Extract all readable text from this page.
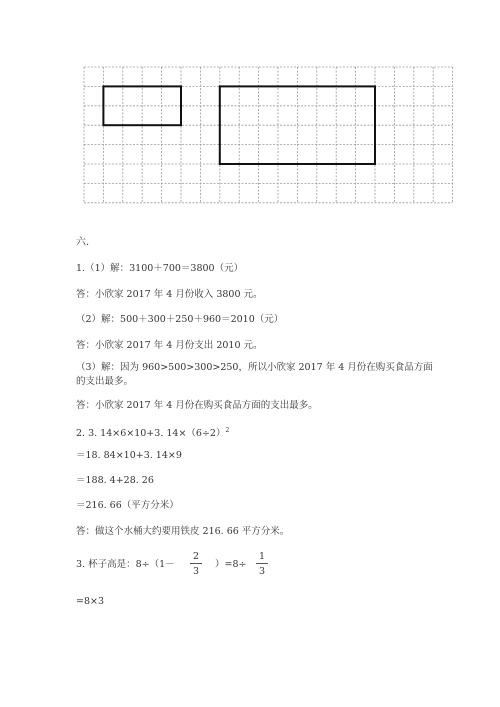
六.

1.（1）解：3100＋700＝3800（元）

答：小欣家 2017 年 4 月份收入 3800 元。

（2）解：500＋300＋250＋960＝2010（元）

答：小欣家 2017 年 4 月份支出 2010 元。

（3）解：因为 960>500>300>250，所以小欣家 2017 年 4 月份在购买食品方面

的支出最多。

答：小欣家 2017 年 4 月份在购买食品方面的支出最多。

2. 3. 14×6×10+3. $14\times(6\div 2)^2$

＝18. 84×10+3. 14×9

＝188. 4+28. 26

＝216. 66（平方分米）

答：做这个水桶大约要用铁皮 216. 66 平方分米。

3. 杯子高是：$8\div(1- \frac{2}{3} )=8\div \frac{1}{3}$

=8×3
